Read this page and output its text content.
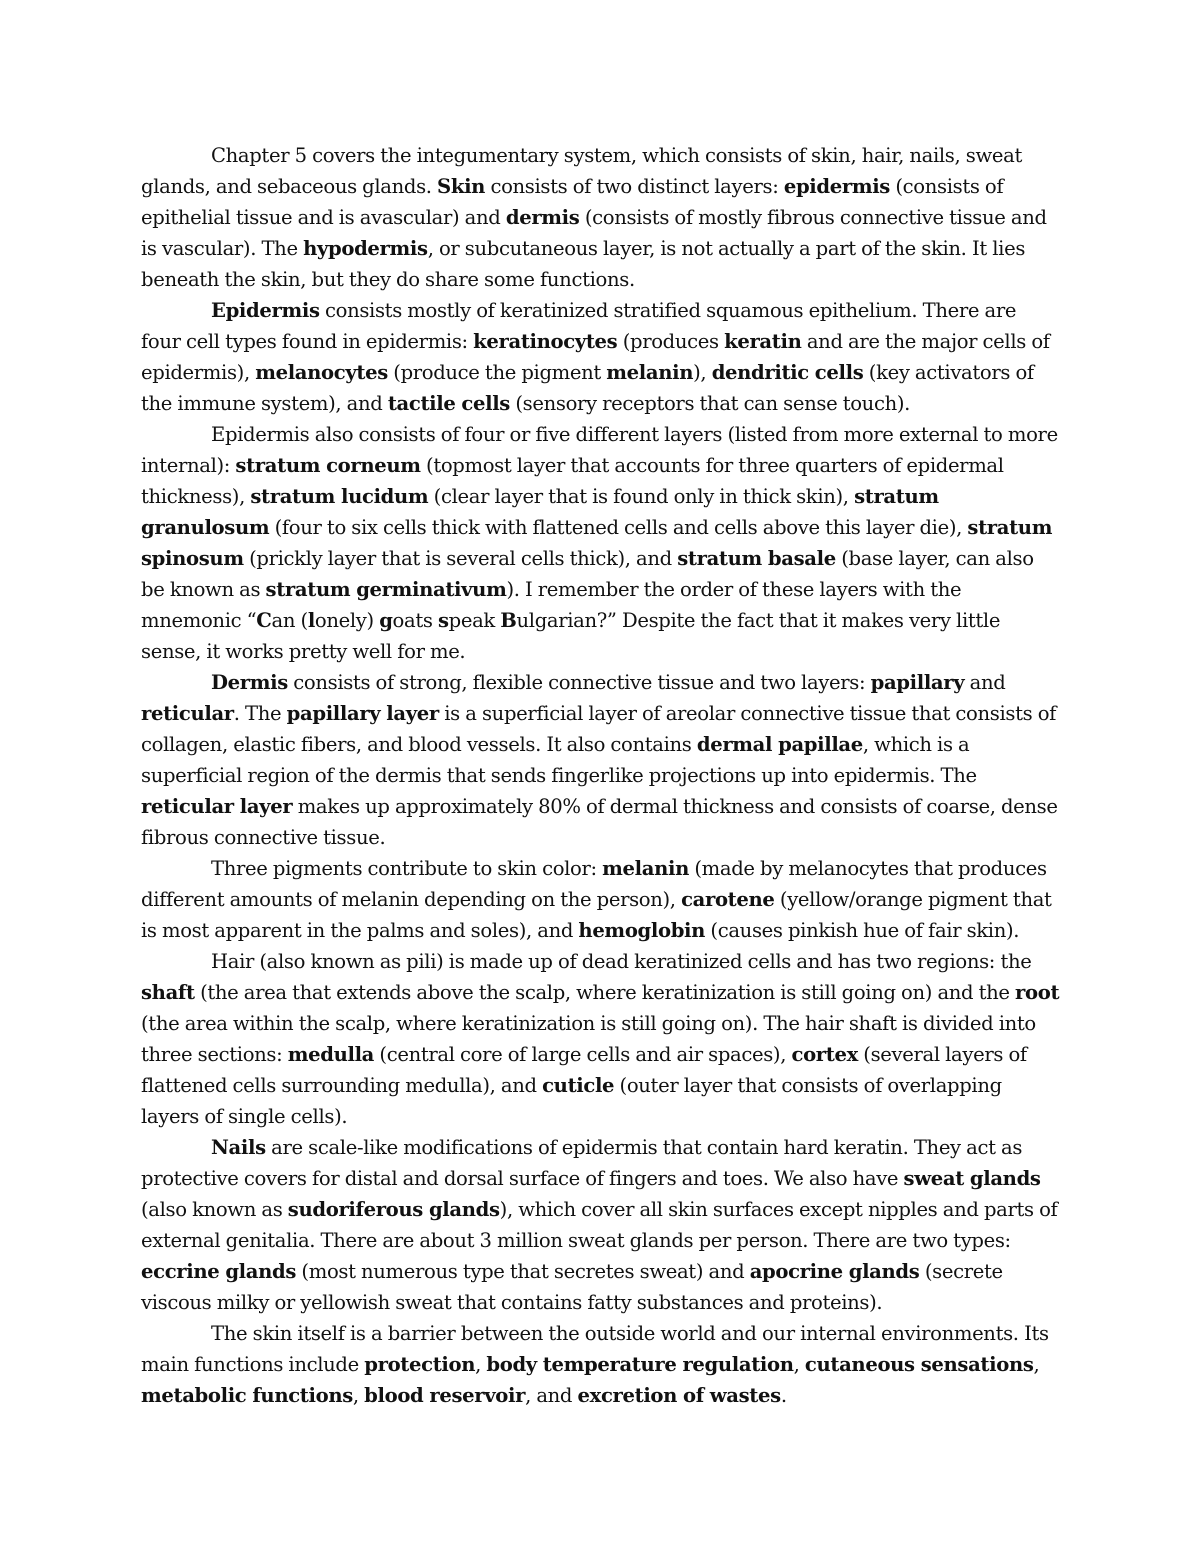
Chapter 5 covers the integumentary system, which consists of skin, hair, nails, sweat glands, and sebaceous glands. Skin consists of two distinct layers: epidermis (consists of epithelial tissue and is avascular) and dermis (consists of mostly fibrous connective tissue and is vascular). The hypodermis, or subcutaneous layer, is not actually a part of the skin. It lies beneath the skin, but they do share some functions.

Epidermis consists mostly of keratinized stratified squamous epithelium. There are four cell types found in epidermis: keratinocytes (produces keratin and are the major cells of epidermis), melanocytes (produce the pigment melanin), dendritic cells (key activators of the immune system), and tactile cells (sensory receptors that can sense touch).

Epidermis also consists of four or five different layers (listed from more external to more internal): stratum corneum (topmost layer that accounts for three quarters of epidermal thickness), stratum lucidum (clear layer that is found only in thick skin), stratum granulosum (four to six cells thick with flattened cells and cells above this layer die), stratum spinosum (prickly layer that is several cells thick), and stratum basale (base layer, can also be known as stratum germinativum). I remember the order of these layers with the mnemonic “Can (lonely) goats speak Bulgarian?” Despite the fact that it makes very little sense, it works pretty well for me.

Dermis consists of strong, flexible connective tissue and two layers: papillary and reticular. The papillary layer is a superficial layer of areolar connective tissue that consists of collagen, elastic fibers, and blood vessels. It also contains dermal papillae, which is a superficial region of the dermis that sends fingerlike projections up into epidermis. The reticular layer makes up approximately 80% of dermal thickness and consists of coarse, dense fibrous connective tissue.

Three pigments contribute to skin color: melanin (made by melanocytes that produces different amounts of melanin depending on the person), carotene (yellow/orange pigment that is most apparent in the palms and soles), and hemoglobin (causes pinkish hue of fair skin).

Hair (also known as pili) is made up of dead keratinized cells and has two regions: the shaft (the area that extends above the scalp, where keratinization is still going on) and the root (the area within the scalp, where keratinization is still going on). The hair shaft is divided into three sections: medulla (central core of large cells and air spaces), cortex (several layers of flattened cells surrounding medulla), and cuticle (outer layer that consists of overlapping layers of single cells).

Nails are scale-like modifications of epidermis that contain hard keratin. They act as protective covers for distal and dorsal surface of fingers and toes. We also have sweat glands (also known as sudoriferous glands), which cover all skin surfaces except nipples and parts of external genitalia. There are about 3 million sweat glands per person. There are two types: eccrine glands (most numerous type that secretes sweat) and apocrine glands (secrete viscous milky or yellowish sweat that contains fatty substances and proteins).

The skin itself is a barrier between the outside world and our internal environments. Its main functions include protection, body temperature regulation, cutaneous sensations, metabolic functions, blood reservoir, and excretion of wastes.
